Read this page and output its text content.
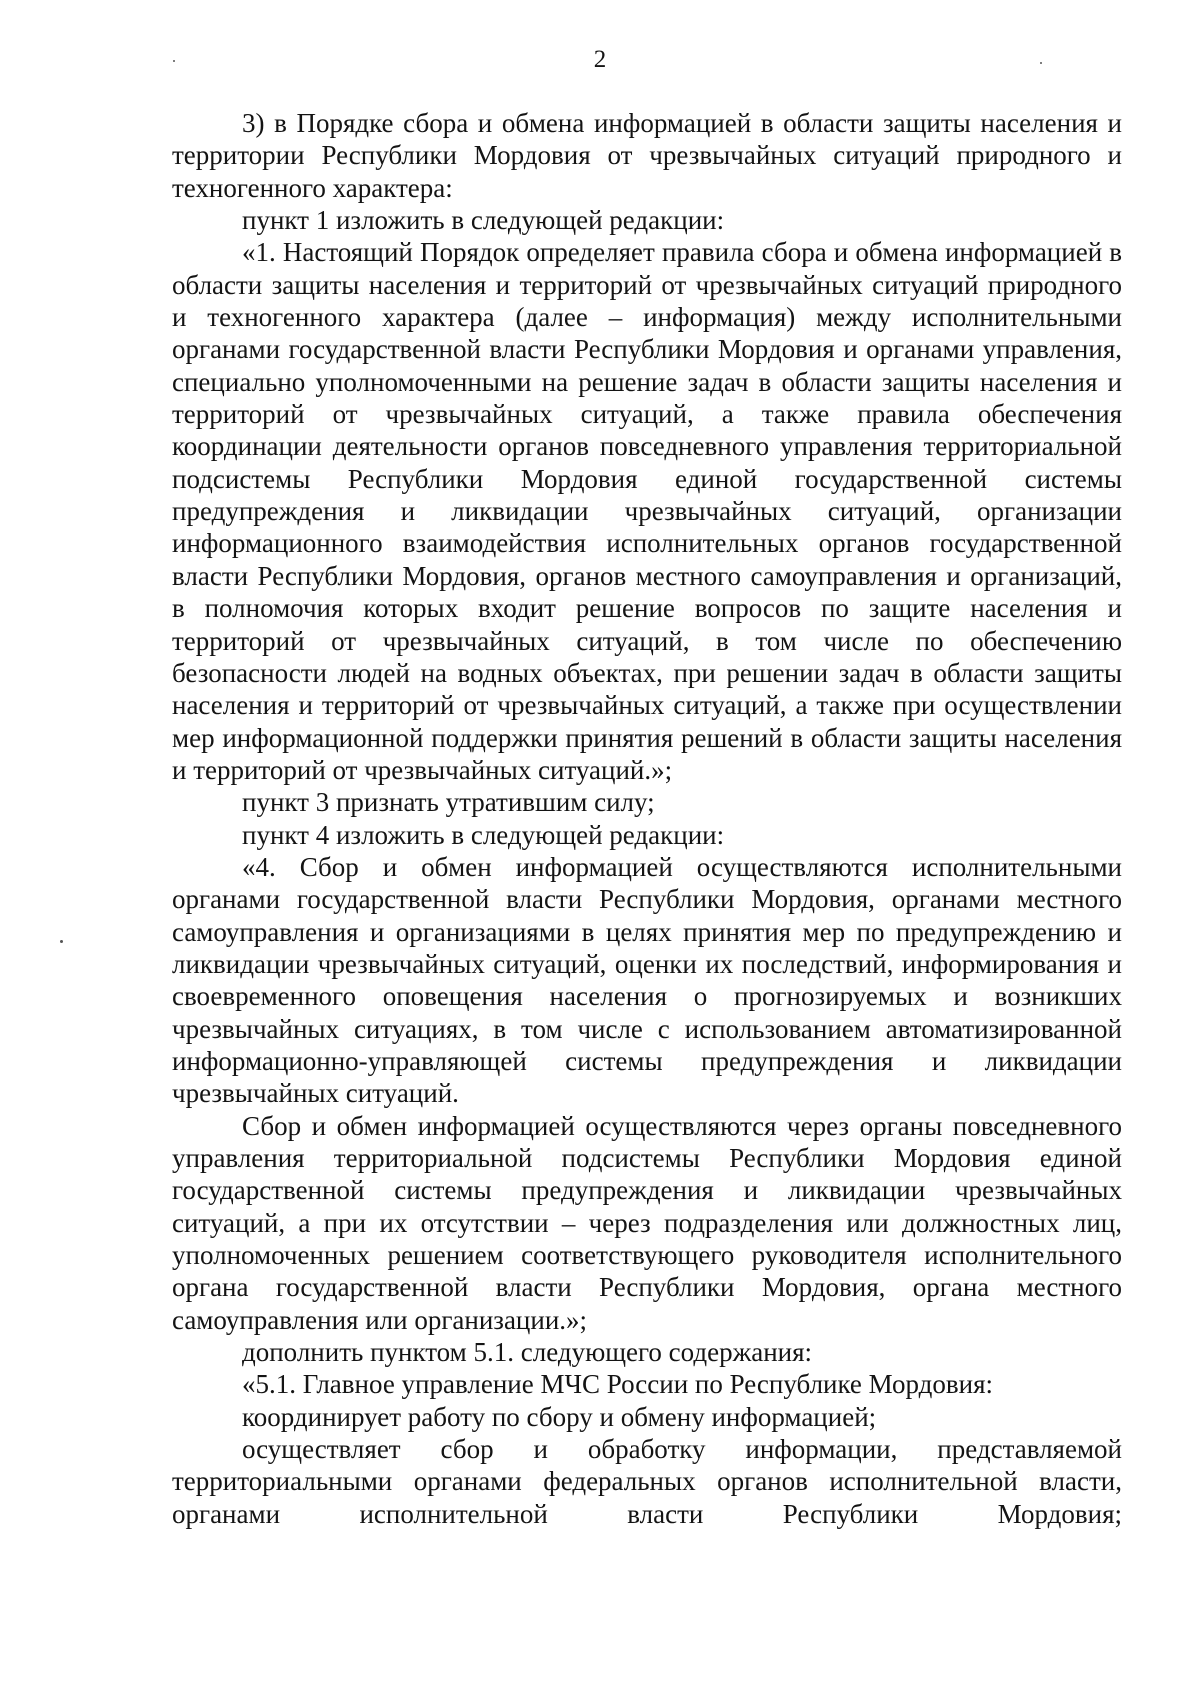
2

3) в Порядке сбора и обмена информацией в области защиты населения и территории Республики Мордовия от чрезвычайных ситуаций природного и техногенного характера:

пункт 1 изложить в следующей редакции:

«1. Настоящий Порядок определяет правила сбора и обмена информацией в области защиты населения и территорий от чрезвычайных ситуаций природного и техногенного характера (далее – информация) между исполнительными органами государственной власти Республики Мордовия и органами управления, специально уполномоченными на решение задач в области защиты населения и территорий от чрезвычайных ситуаций, а также правила обеспечения координации деятельности органов повседневного управления территориальной подсистемы Республики Мордовия единой государственной системы предупреждения и ликвидации чрезвычайных ситуаций, организации информационного взаимодействия исполнительных органов государственной власти Республики Мордовия, органов местного самоуправления и организаций, в полномочия которых входит решение вопросов по защите населения и территорий от чрезвычайных ситуаций, в том числе по обеспечению безопасности людей на водных объектах, при решении задач в области защиты населения и территорий от чрезвычайных ситуаций, а также при осуществлении мер информационной поддержки принятия решений в области защиты населения и территорий от чрезвычайных ситуаций.»;

пункт 3 признать утратившим силу;

пункт 4 изложить в следующей редакции:

«4. Сбор и обмен информацией осуществляются исполнительными органами государственной власти Республики Мордовия, органами местного самоуправления и организациями в целях принятия мер по предупреждению и ликвидации чрезвычайных ситуаций, оценки их последствий, информирования и своевременного оповещения населения о прогнозируемых и возникших чрезвычайных ситуациях, в том числе с использованием автоматизированной информационно-управляющей системы предупреждения и ликвидации чрезвычайных ситуаций.

Сбор и обмен информацией осуществляются через органы повседневного управления территориальной подсистемы Республики Мордовия единой государственной системы предупреждения и ликвидации чрезвычайных ситуаций, а при их отсутствии – через подразделения или должностных лиц, уполномоченных решением соответствующего руководителя исполнительного органа государственной власти Республики Мордовия, органа местного самоуправления или организации.»;

дополнить пунктом 5.1. следующего содержания:

«5.1. Главное управление МЧС России по Республике Мордовия:

координирует работу по сбору и обмену информацией;

осуществляет сбор и обработку информации, представляемой территориальными органами федеральных органов исполнительной власти, органами исполнительной власти Республики Мордовия;
